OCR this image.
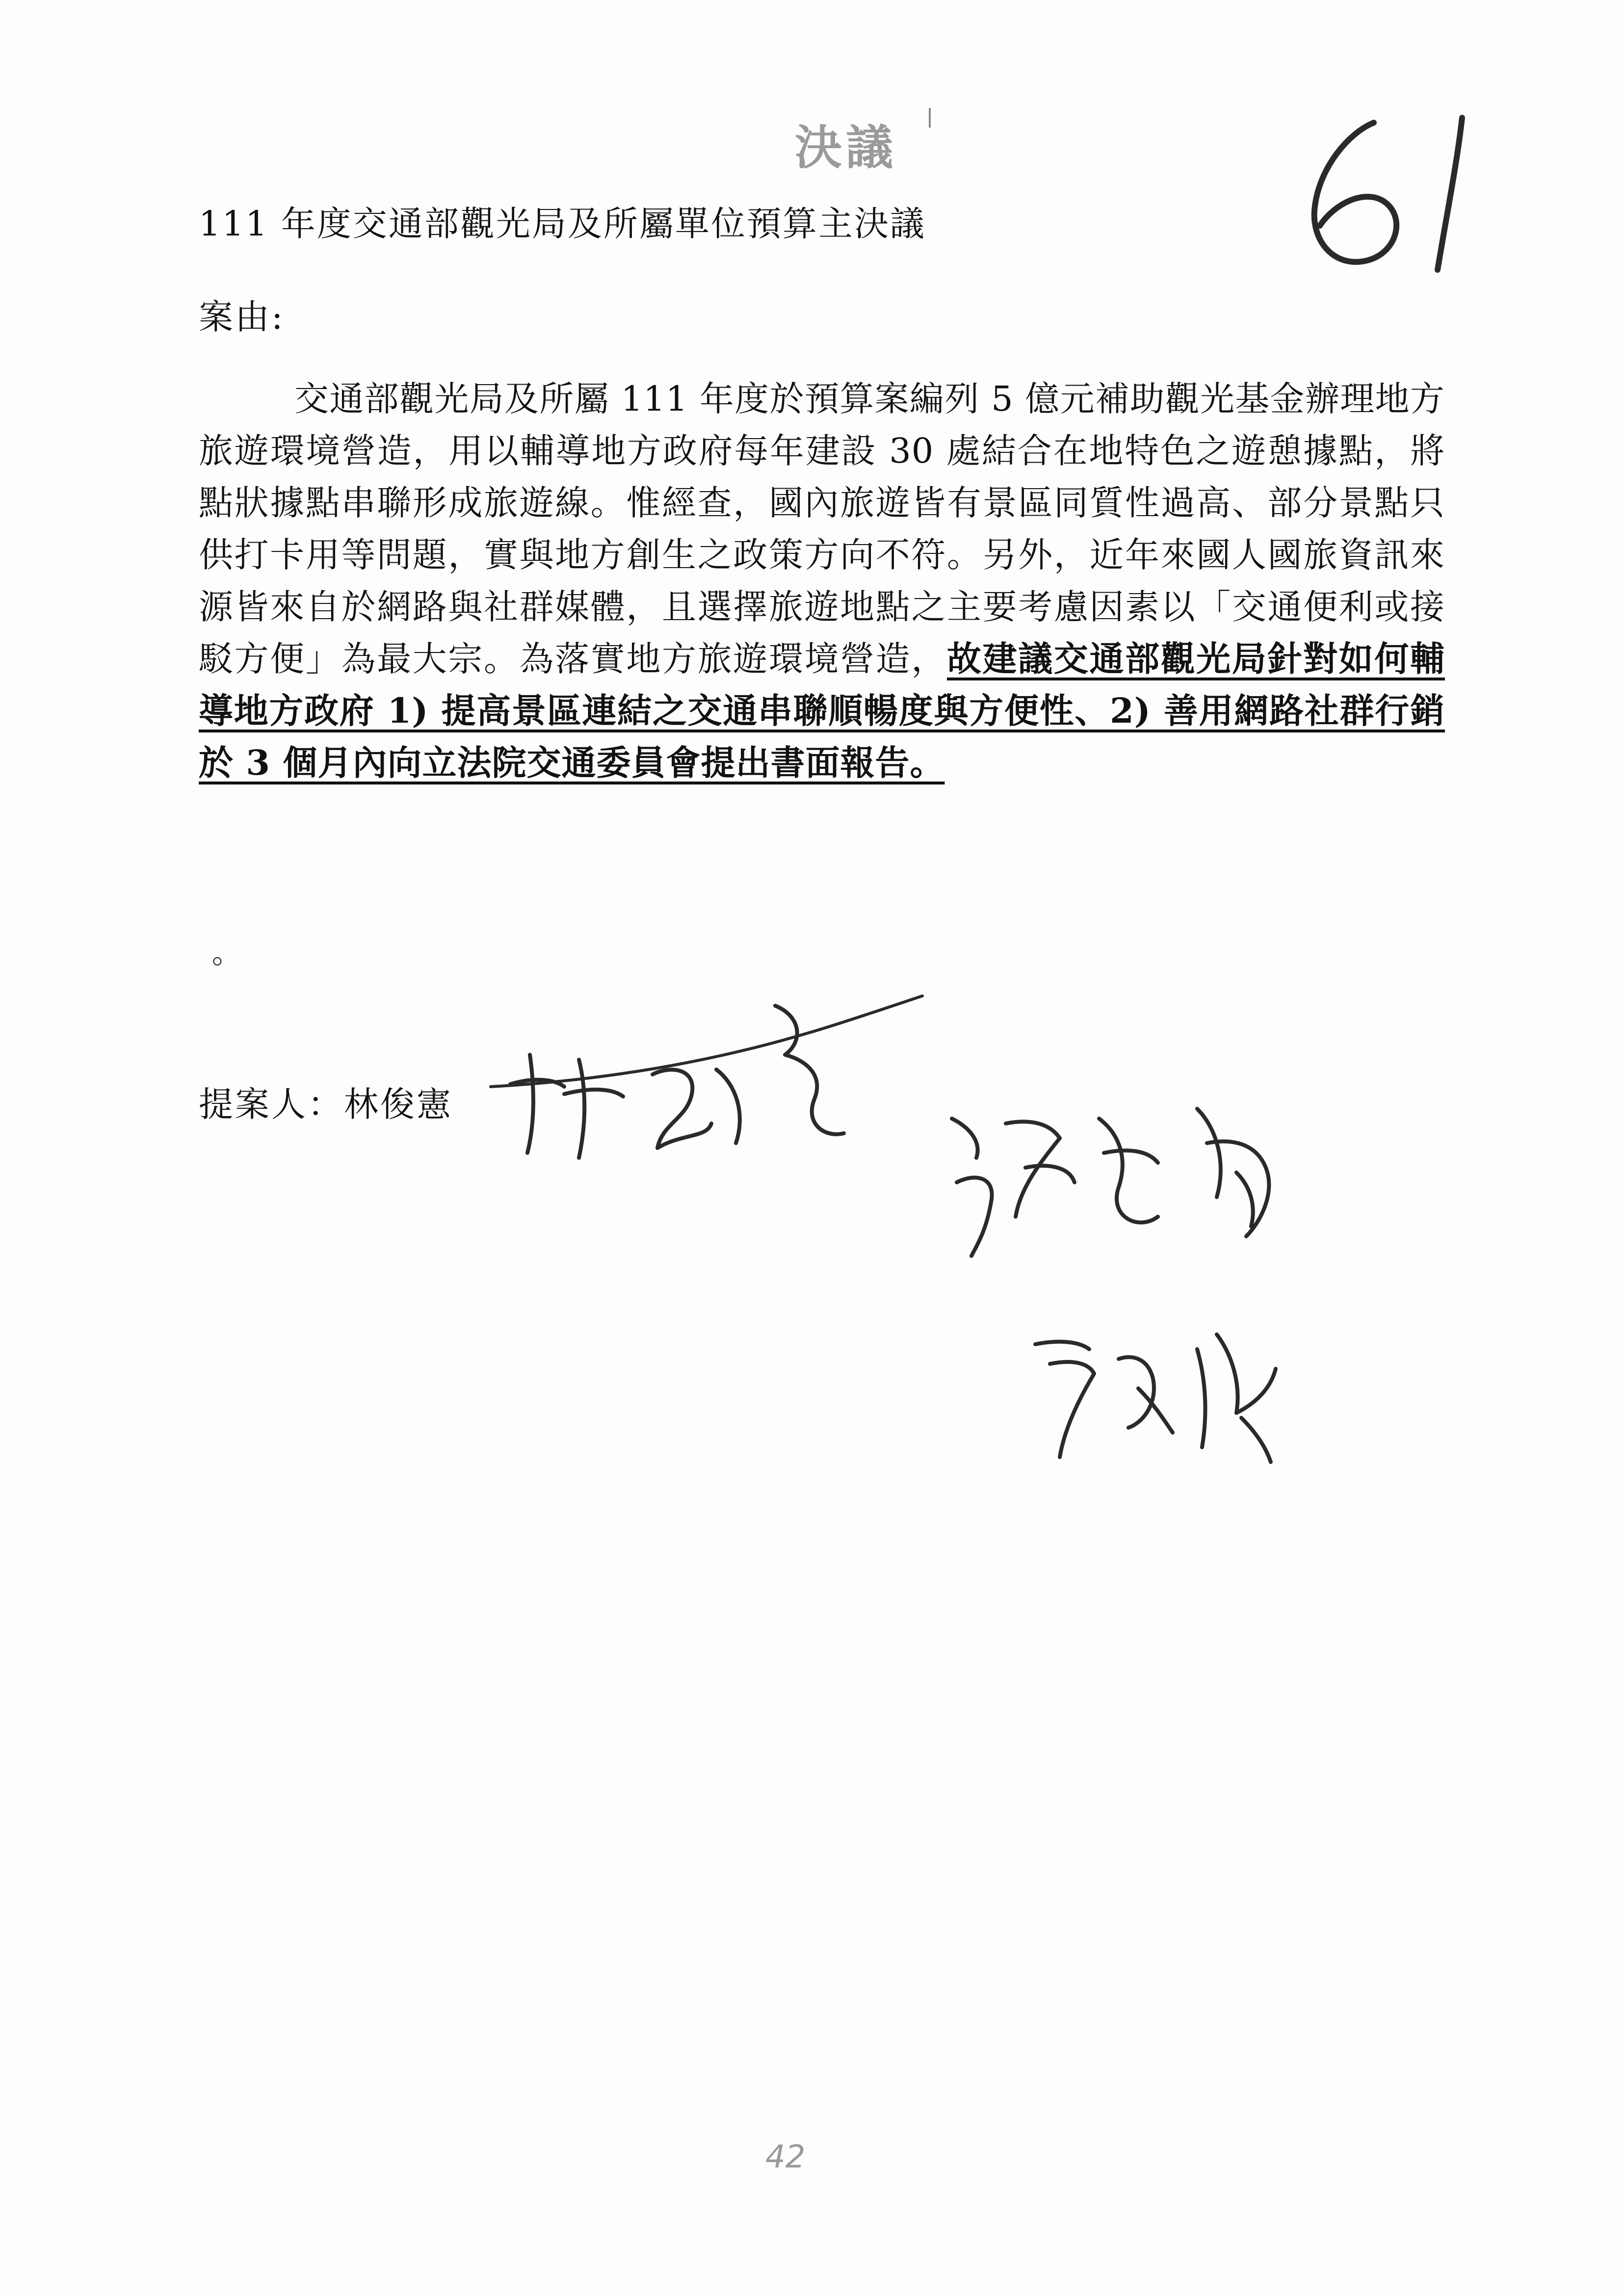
決議
111 年度交通部觀光局及所屬單位預算主決議
案由:
交通部觀光局及所屬 111 年度於預算案編列 5 億元補助觀光基金辦理地方旅遊環境營造，用以輔導地方政府每年建設 30 處結合在地特色之遊憩據點，將點狀據點串聯形成旅遊線。惟經查，國內旅遊皆有景區同質性過高、部分景點只供打卡用等問題，實與地方創生之政策方向不符。另外，近年來國人國旅資訊來源皆來自於網路與社群媒體，且選擇旅遊地點之主要考慮因素以「交通便利或接駁方便」為最大宗。為落實地方旅遊環境營造，故建議交通部觀光局針對如何輔導地方政府 1) 提高景區連結之交通串聯順暢度與方便性、2) 善用網路社群行銷 於 3 個月內向立法院交通委員會提出書面報告。
。
提案人：林俊憲
42
